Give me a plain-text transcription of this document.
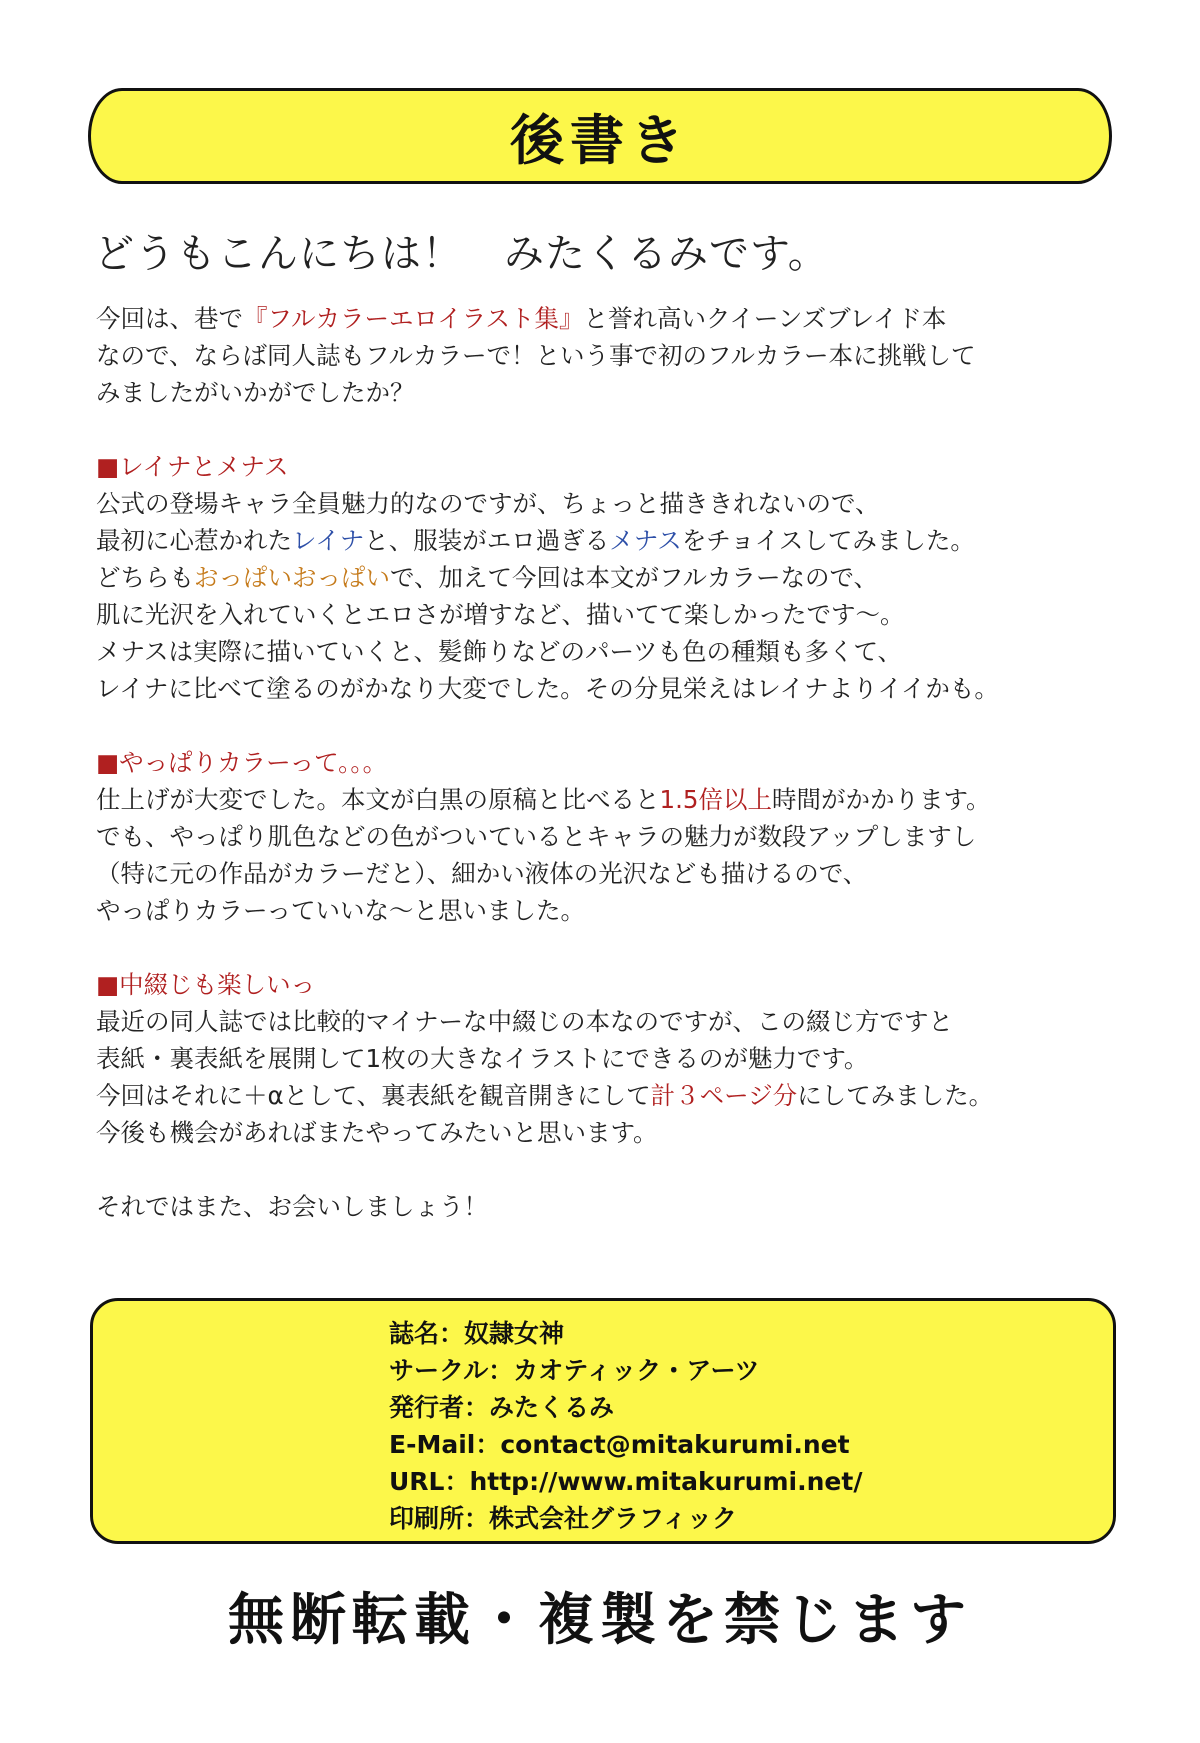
後書き
どうもこんにちは！　みたくるみです。

今回は、巷で『フルカラーエロイラスト集』と誉れ高いクイーンズブレイド本

なので、ならば同人誌もフルカラーで！という事で初のフルカラー本に挑戦して

みましたがいかがでしたか？

■レイナとメナス

公式の登場キャラ全員魅力的なのですが、ちょっと描ききれないので、

最初に心惹かれたレイナと、服装がエロ過ぎるメナスをチョイスしてみました。

どちらもおっぱいおっぱいで、加えて今回は本文がフルカラーなので、

肌に光沢を入れていくとエロさが増すなど、描いてて楽しかったです～。

メナスは実際に描いていくと、髪飾りなどのパーツも色の種類も多くて、

レイナに比べて塗るのがかなり大変でした。その分見栄えはレイナよりイイかも。

■やっぱりカラーって。。。

仕上げが大変でした。本文が白黒の原稿と比べると1.5倍以上時間がかかります。

でも、やっぱり肌色などの色がついているとキャラの魅力が数段アップしますし

（特に元の作品がカラーだと）、細かい液体の光沢なども描けるので、

やっぱりカラーっていいな～と思いました。

■中綴じも楽しいっ

最近の同人誌では比較的マイナーな中綴じの本なのですが、この綴じ方ですと

表紙・裏表紙を展開して1枚の大きなイラストにできるのが魅力です。

今回はそれに＋αとして、裏表紙を観音開きにして計３ページ分にしてみました。

今後も機会があればまたやってみたいと思います。

それではまた、お会いしましょう！

誌名：奴隷女神
サークル：カオティック・アーツ
発行者：みたくるみ
E-Mail：contact@mitakurumi.net
URL：http://www.mitakurumi.net/
印刷所：株式会社グラフィック
無断転載・複製を禁じます
